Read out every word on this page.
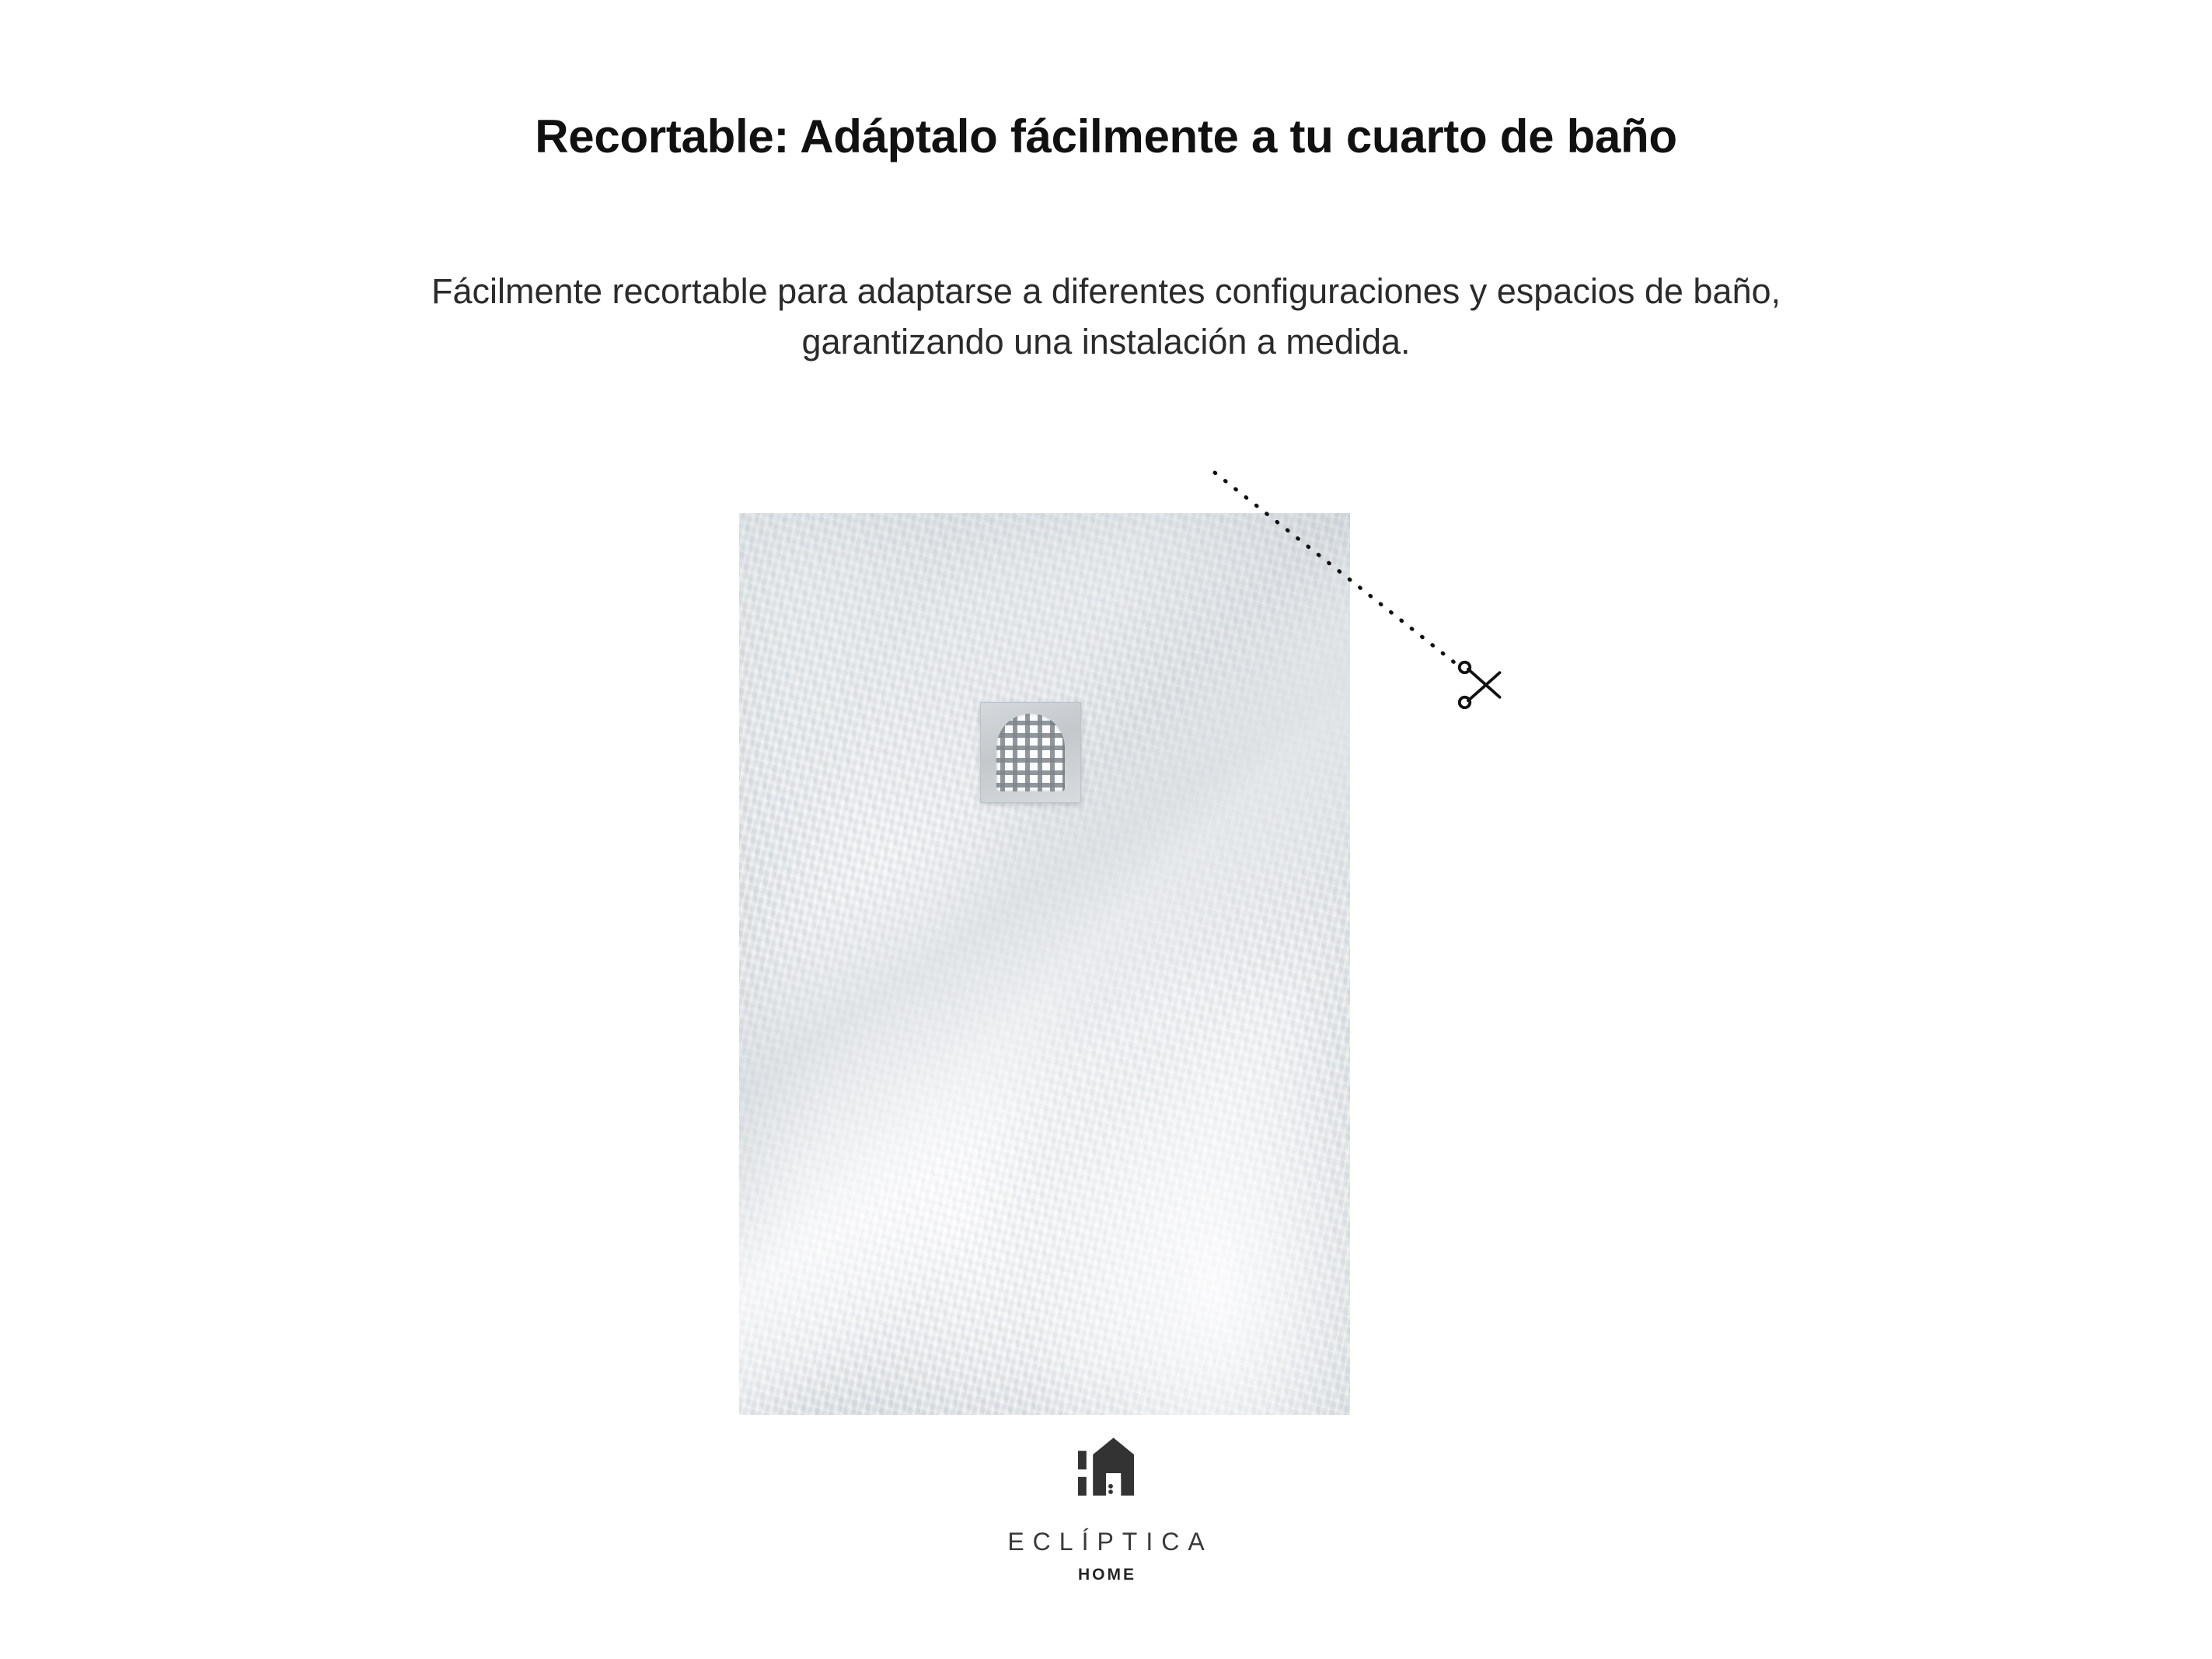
Recortable: Adáptalo fácilmente a tu cuarto de baño

Fácilmente recortable para adaptarse a diferentes configuraciones y espacios de baño, garantizando una instalación a medida.

ECLÍPTICA
HOME
